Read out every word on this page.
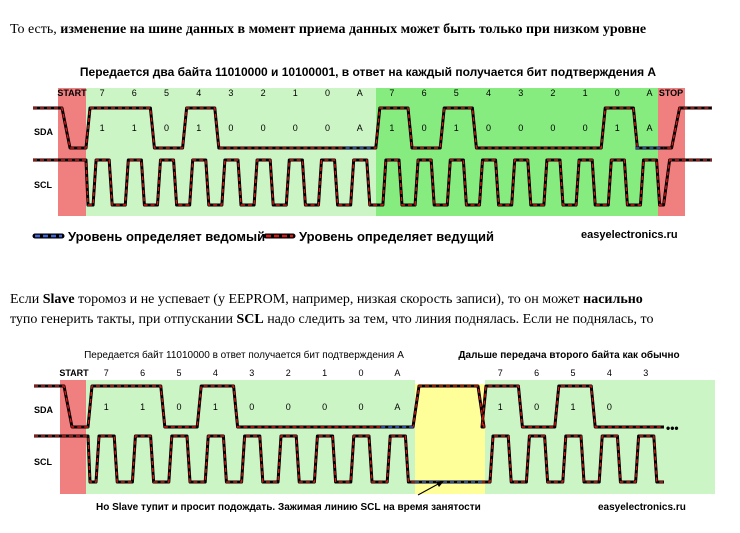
То есть, изменение на шине данных в момент приема данных может быть только при низком уровне
Если Slave торомоз и не успевает (у EEPROM, например, низкая скорость записи), то он может насильно
тупо генерить такты, при отпускании SCL надо следить за тем, что линия поднялась. Если не поднялась, то
Передается два байта 11010000 и 10100001, в ответ на каждый получается бит подтверждения А
START	STOP
SDA
SCL
7	6	5	4	3	2	1	0	A	7	6	5	4	3	2	1	0	A
1	1	0	1	0	0	0	0	A	1	0	1	0	0	0	0	1	A
Уровень определяет ведомый	Уровень определяет ведущий	easyelectronics.ru
Передается байт 11010000 в ответ получается бит подтверждения А	Дальше передача второго байта как обычно
START
SDA
SCL
7	6	5	4	3	2	1	0	A	7	6	5	4	3
1	1	0	1	0	0	0	0	A	1	0	1	0
•••
Но Slave тупит и просит подождать. Зажимая линию SCL на время занятости	easyelectronics.ru
